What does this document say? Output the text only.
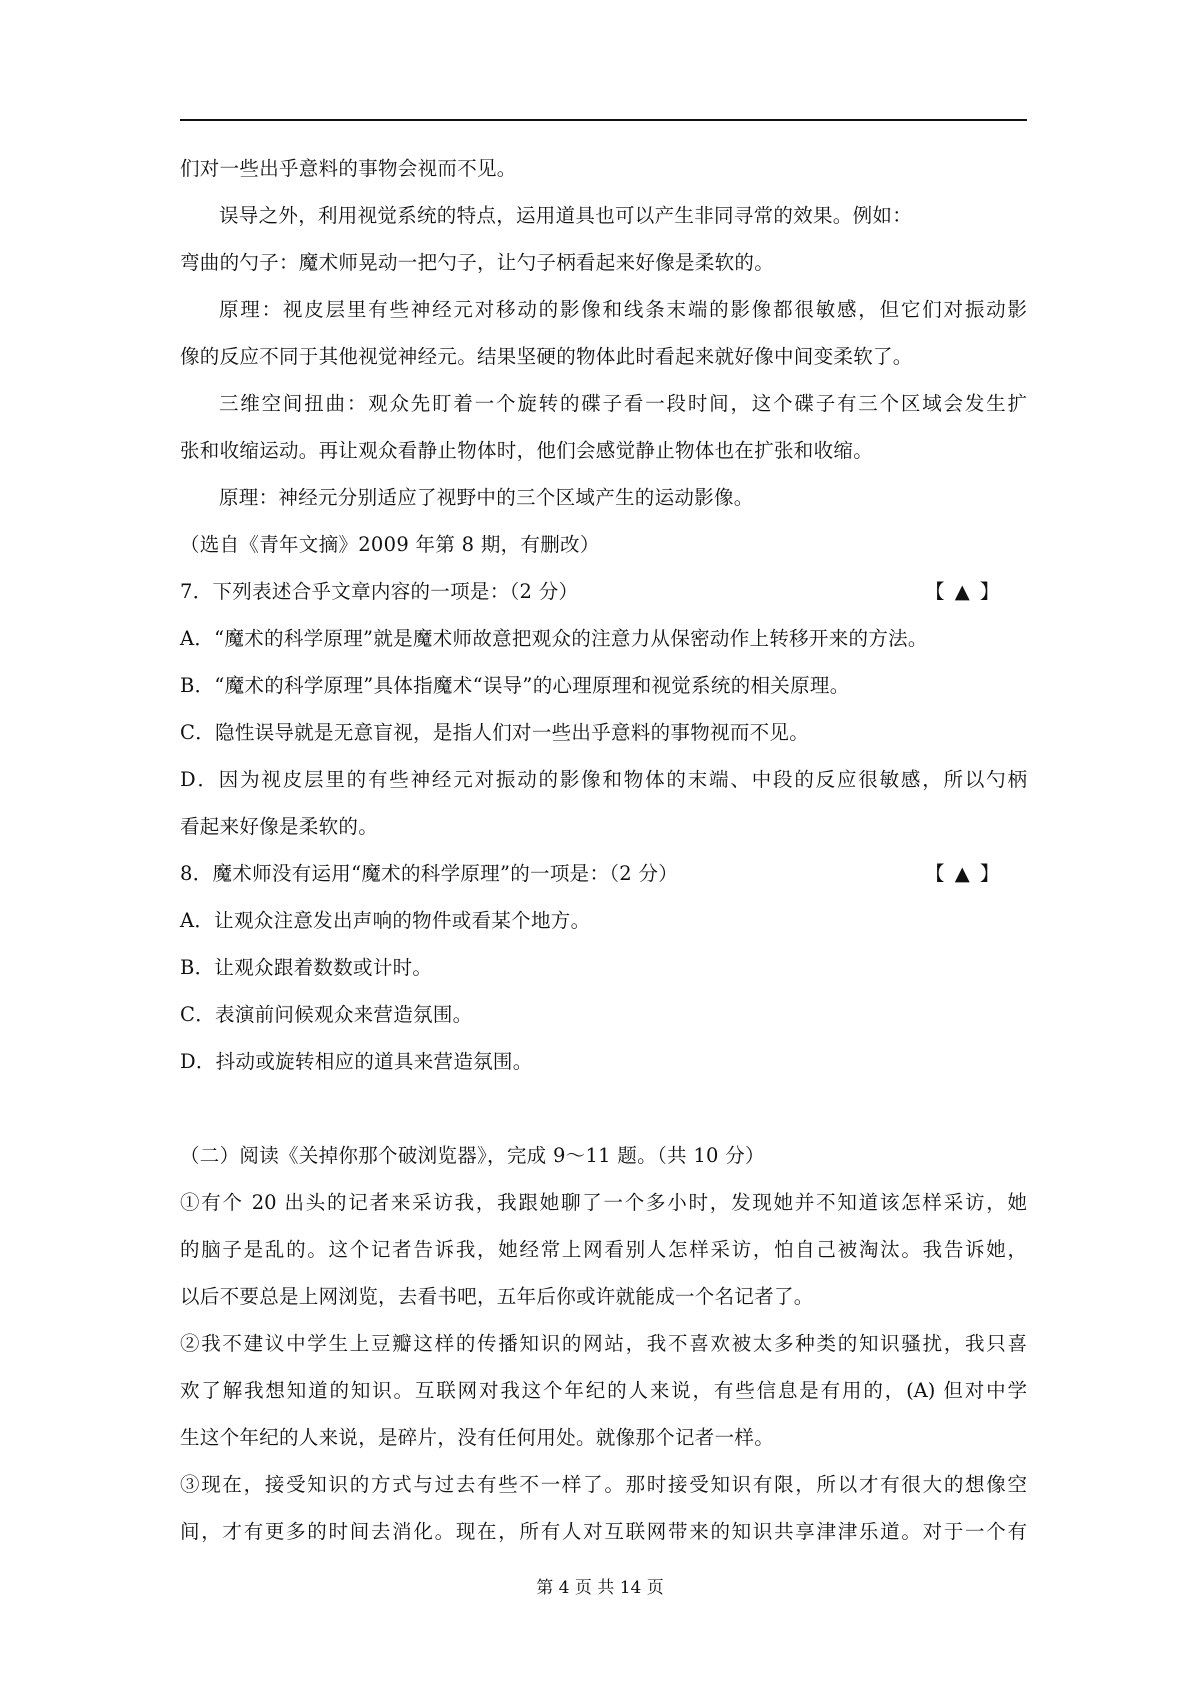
们对一些出乎意料的事物会视而不见。
误导之外，利用视觉系统的特点，运用道具也可以产生非同寻常的效果。例如：
弯曲的勺子：魔术师晃动一把勺子，让勺子柄看起来好像是柔软的。
原理：视皮层里有些神经元对移动的影像和线条末端的影像都很敏感，但它们对振动影
像的反应不同于其他视觉神经元。结果坚硬的物体此时看起来就好像中间变柔软了。
三维空间扭曲：观众先盯着一个旋转的碟子看一段时间，这个碟子有三个区域会发生扩
张和收缩运动。再让观众看静止物体时，他们会感觉静止物体也在扩张和收缩。
原理：神经元分别适应了视野中的三个区域产生的运动影像。
（选自《青年文摘》2009 年第 8 期，有删改）
7．下列表述合乎文章内容的一项是：（2 分）	【 ▲ 】
A．“魔术的科学原理”就是魔术师故意把观众的注意力从保密动作上转移开来的方法。
B．“魔术的科学原理”具体指魔术“误导”的心理原理和视觉系统的相关原理。
C．隐性误导就是无意盲视，是指人们对一些出乎意料的事物视而不见。
D．因为视皮层里的有些神经元对振动的影像和物体的末端、中段的反应很敏感，所以勺柄
看起来好像是柔软的。
8．魔术师没有运用“魔术的科学原理”的一项是：（2 分）	【 ▲ 】
A．让观众注意发出声响的物件或看某个地方。
B．让观众跟着数数或计时。
C．表演前问候观众来营造氛围。
D．抖动或旋转相应的道具来营造氛围。
（二）阅读《关掉你那个破浏览器》，完成 9～11 题。（共 10 分）
①有个 20 出头的记者来采访我，我跟她聊了一个多小时，发现她并不知道该怎样采访，她
的脑子是乱的。这个记者告诉我，她经常上网看别人怎样采访，怕自己被淘汰。我告诉她，
以后不要总是上网浏览，去看书吧，五年后你或许就能成一个名记者了。
②我不建议中学生上豆瓣这样的传播知识的网站，我不喜欢被太多种类的知识骚扰，我只喜
欢了解我想知道的知识。互联网对我这个年纪的人来说，有些信息是有用的，(A) 但对中学
生这个年纪的人来说，是碎片，没有任何用处。就像那个记者一样。
③现在，接受知识的方式与过去有些不一样了。那时接受知识有限，所以才有很大的想像空
间，才有更多的时间去消化。现在，所有人对互联网带来的知识共享津津乐道。对于一个有
第 4 页 共 14 页
